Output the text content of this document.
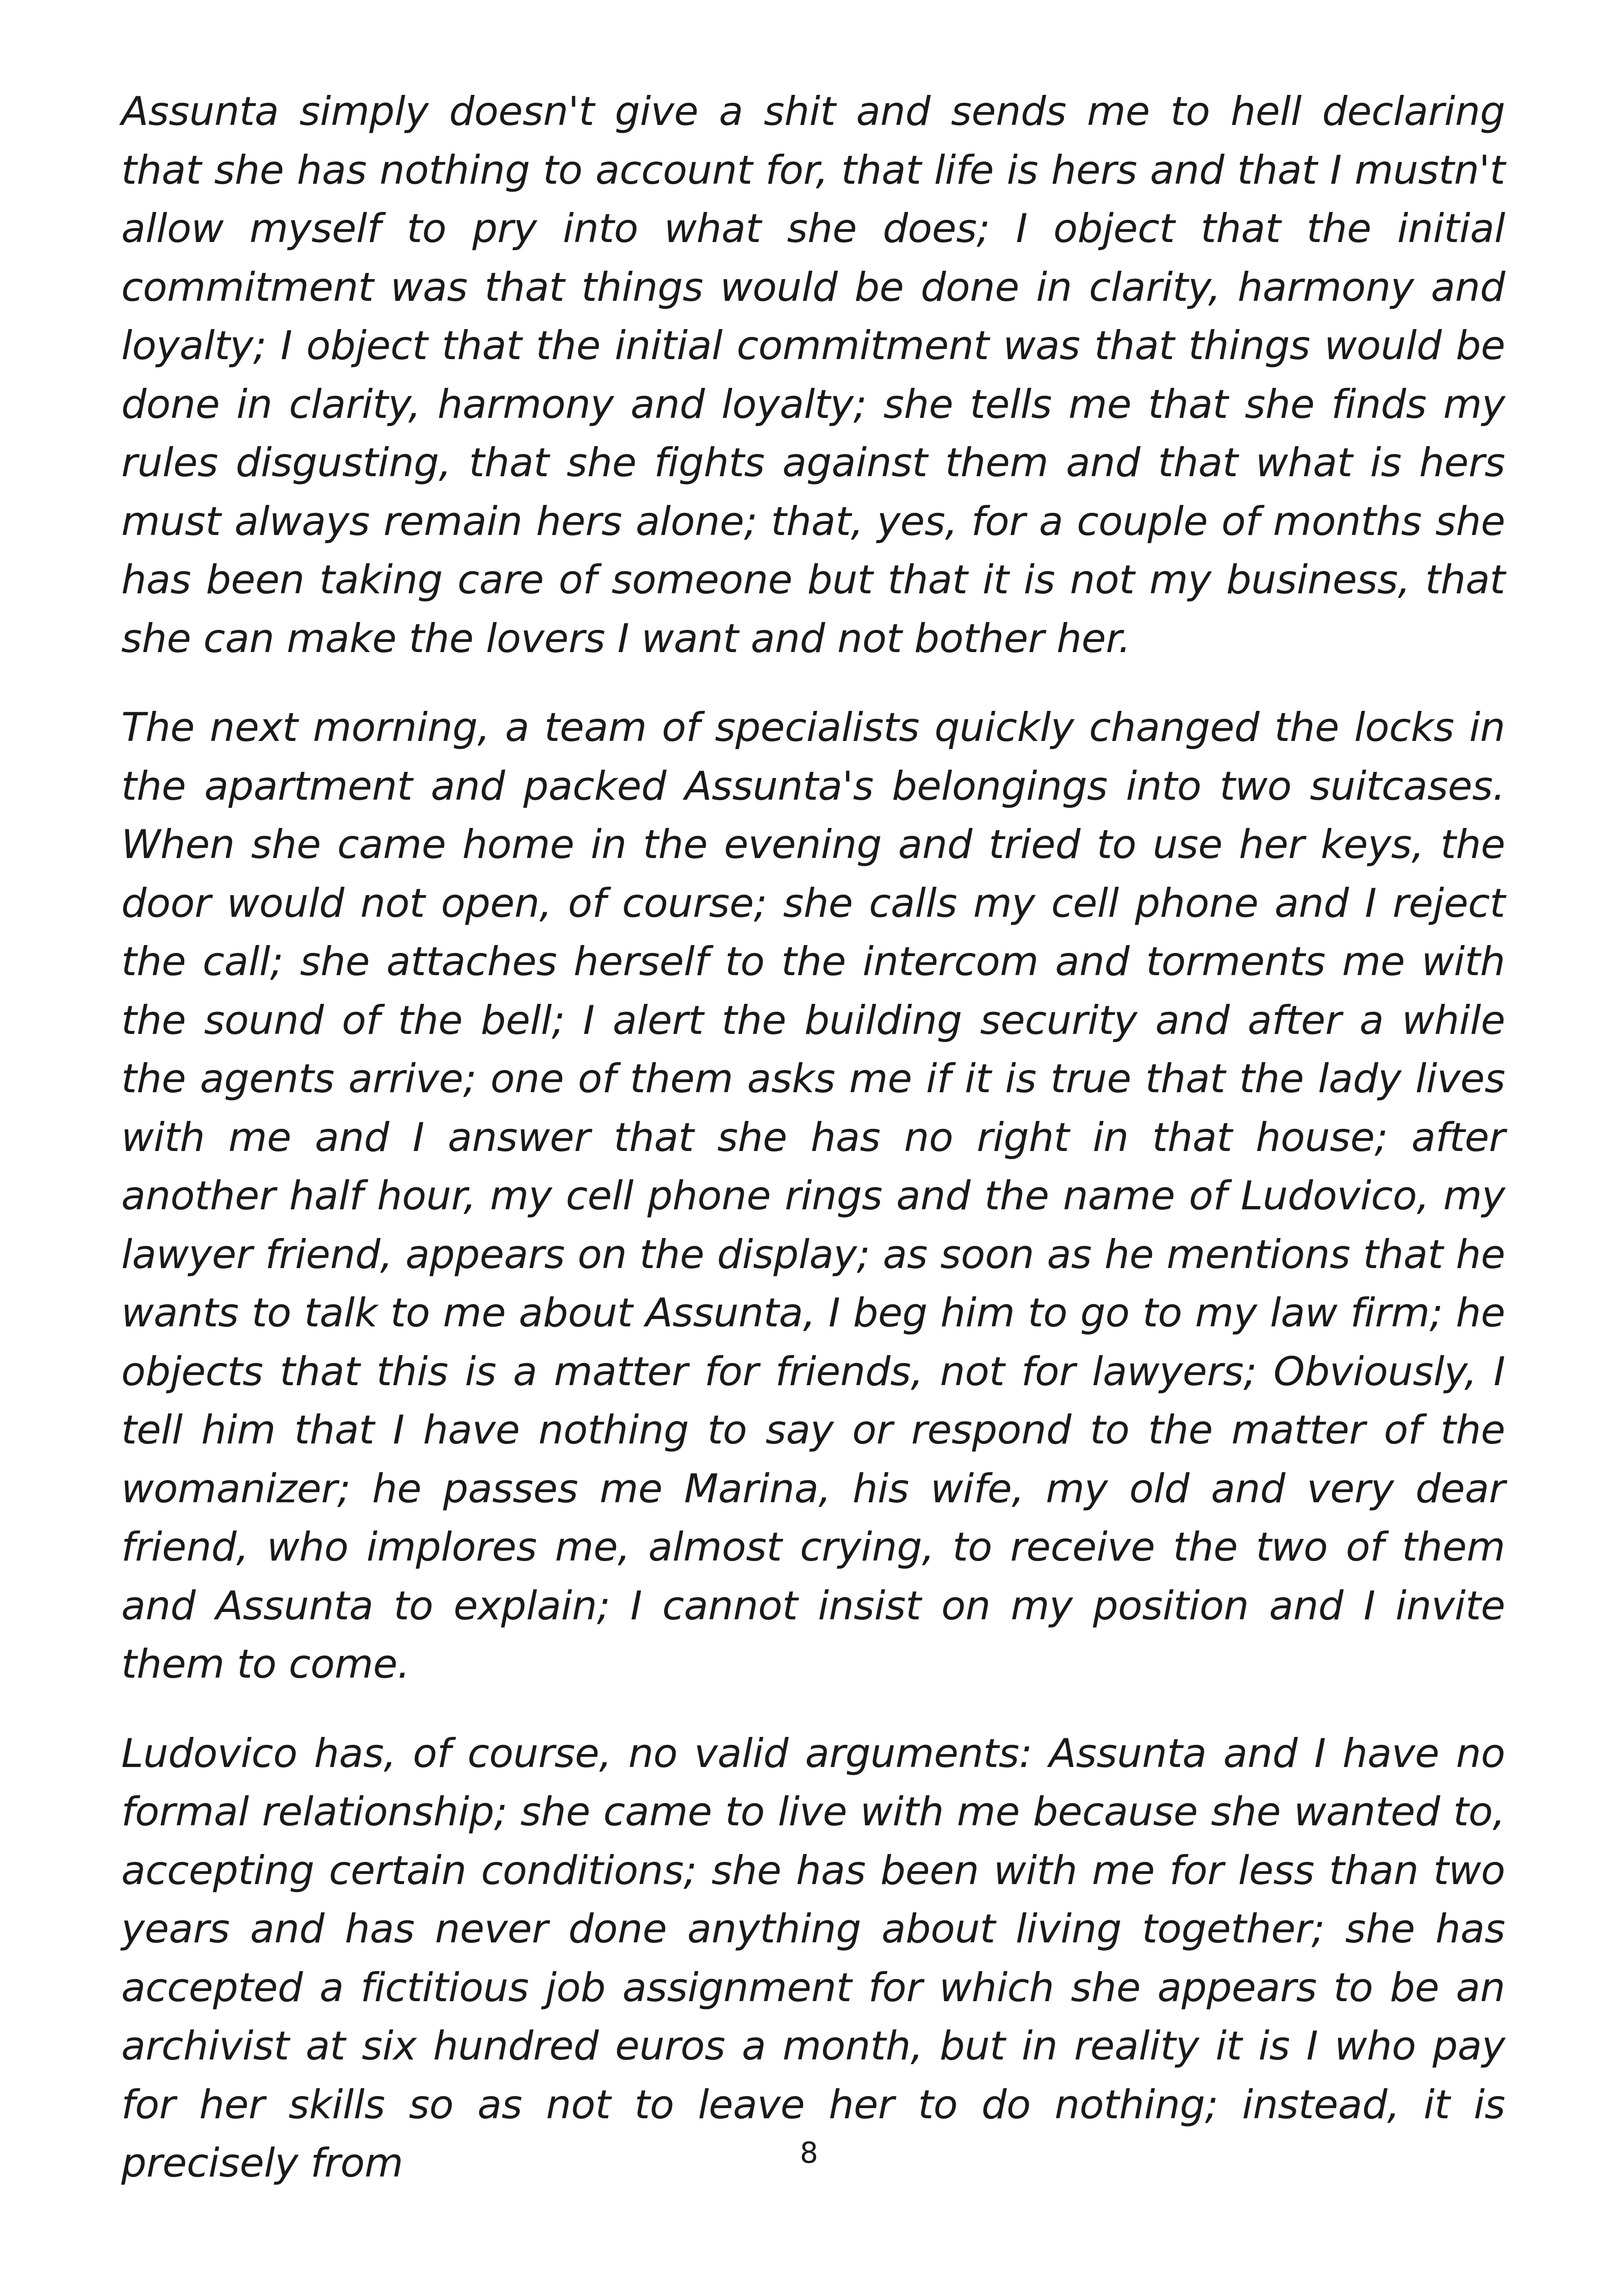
Assunta simply doesn't give a shit and sends me to hell declaring that she has nothing to account for, that life is hers and that I mustn't allow myself to pry into what she does; I object that the initial commitment was that things would be done in clarity, harmony and loyalty; I object that the initial commitment was that things would be done in clarity, harmony and loyalty; she tells me that she finds my rules disgusting, that she fights against them and that what is hers must always remain hers alone; that, yes, for a couple of months she has been taking care of someone but that it is not my business, that she can make the lovers I want and not bother her.

The next morning, a team of specialists quickly changed the locks in the apartment and packed Assunta's belongings into two suitcases. When she came home in the evening and tried to use her keys, the door would not open, of course; she calls my cell phone and I reject the call; she attaches herself to the intercom and torments me with the sound of the bell; I alert the building security and after a while the agents arrive; one of them asks me if it is true that the lady lives with me and I answer that she has no right in that house; after another half hour, my cell phone rings and the name of Ludovico, my lawyer friend, appears on the display; as soon as he mentions that he wants to talk to me about Assunta, I beg him to go to my law firm; he objects that this is a matter for friends, not for lawyers; Obviously, I tell him that I have nothing to say or respond to the matter of the womanizer; he passes me Marina, his wife, my old and very dear friend, who implores me, almost crying, to receive the two of them and Assunta to explain; I cannot insist on my position and I invite them to come.

Ludovico has, of course, no valid arguments: Assunta and I have no formal relationship; she came to live with me because she wanted to, accepting certain conditions; she has been with me for less than two years and has never done anything about living together; she has accepted a fictitious job assignment for which she appears to be an archivist at six hundred euros a month, but in reality it is I who pay for her skills so as not to leave her to do nothing; instead, it is precisely from	8
